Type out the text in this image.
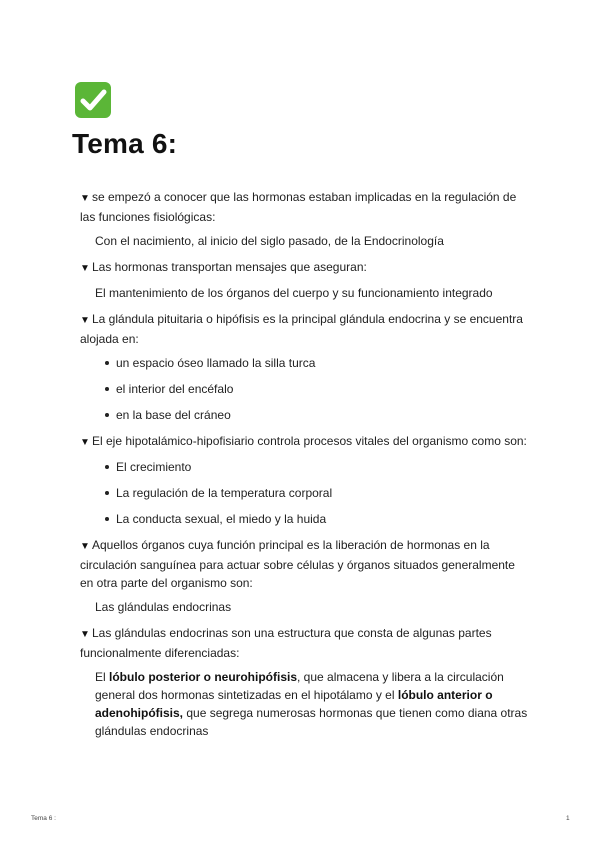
Tema 6:
▼ se empezó a conocer que las hormonas estaban implicadas en la regulación de las funciones fisiológicas:
Con el nacimiento, al inicio del siglo pasado, de la Endocrinología
▼ Las hormonas transportan mensajes que aseguran:
El mantenimiento de los órganos del cuerpo y su funcionamiento integrado
▼ La glándula pituitaria o hipófisis es la principal glándula endocrina y se encuentra alojada en:
un espacio óseo llamado la silla turca
el interior del encéfalo
en la base del cráneo
▼ El eje hipotalámico-hipofisiario controla procesos vitales del organismo como son:
El crecimiento
La regulación de la temperatura corporal
La conducta sexual, el miedo y la huida
▼ Aquellos órganos cuya función principal es la liberación de hormonas en la circulación sanguínea para actuar sobre células y órganos situados generalmente en otra parte del organismo son:
Las glándulas endocrinas
▼ Las glándulas endocrinas son una estructura que consta de algunas partes funcionalmente diferenciadas:
El lóbulo posterior o neurohipófisis, que almacena y libera a la circulación general dos hormonas sintetizadas en el hipotálamo y el lóbulo anterior o adenohipófisis, que segrega numerosas hormonas que tienen como diana otras glándulas endocrinas
Tema 6 :	1
